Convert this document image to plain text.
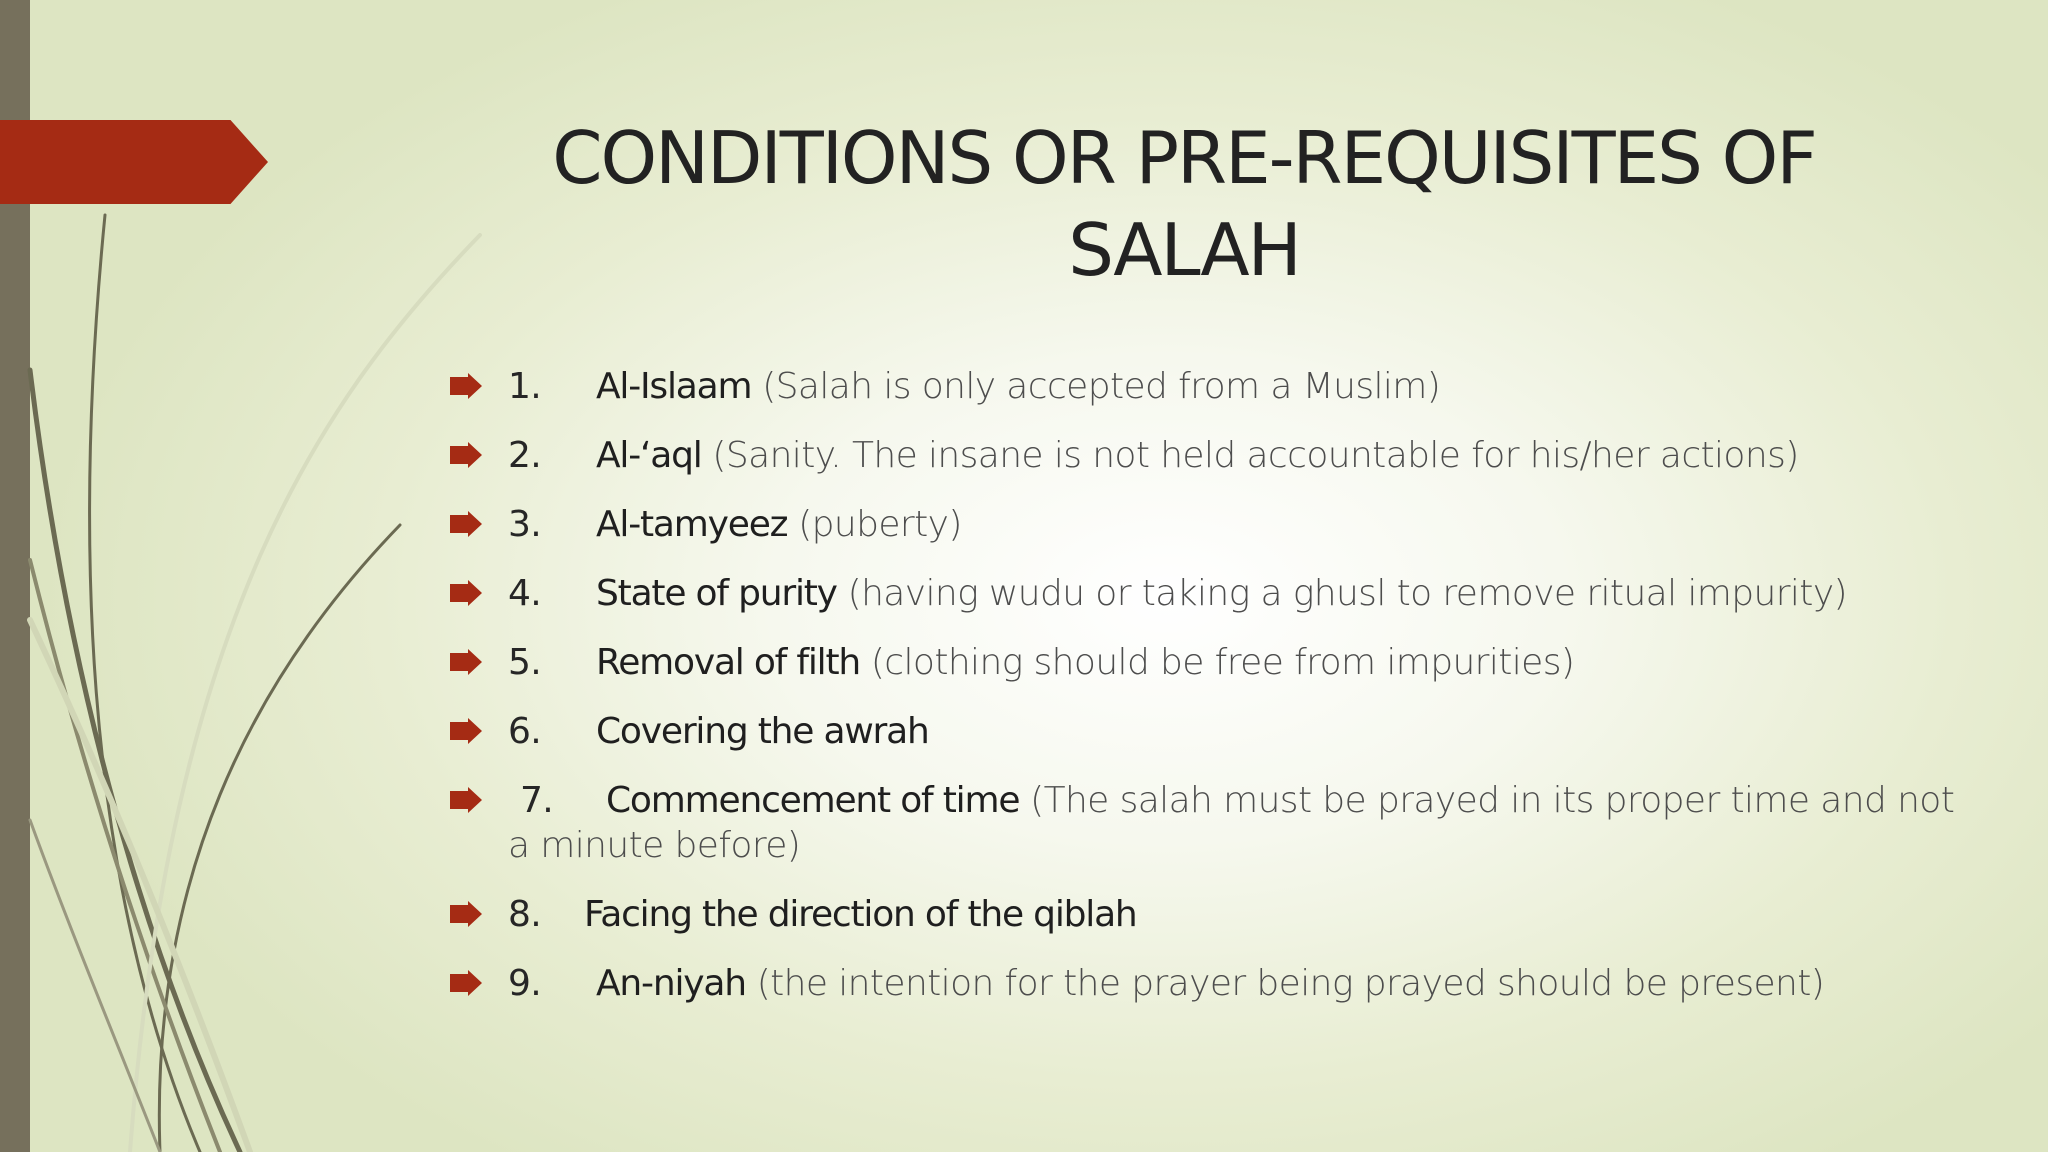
CONDITIONS OR PRE-REQUISITES OF SALAH
1. Al-Islaam (Salah is only accepted from a Muslim)
2. Al-‘aql (Sanity. The insane is not held accountable for his/her actions)
3. Al-tamyeez (puberty)
4. State of purity (having wudu or taking a ghusl to remove ritual impurity)
5. Removal of filth (clothing should be free from impurities)
6. Covering the awrah
7. Commencement of time (The salah must be prayed in its proper time and not a minute before)
8. Facing the direction of the qiblah
9. An-niyah (the intention for the prayer being prayed should be present)
